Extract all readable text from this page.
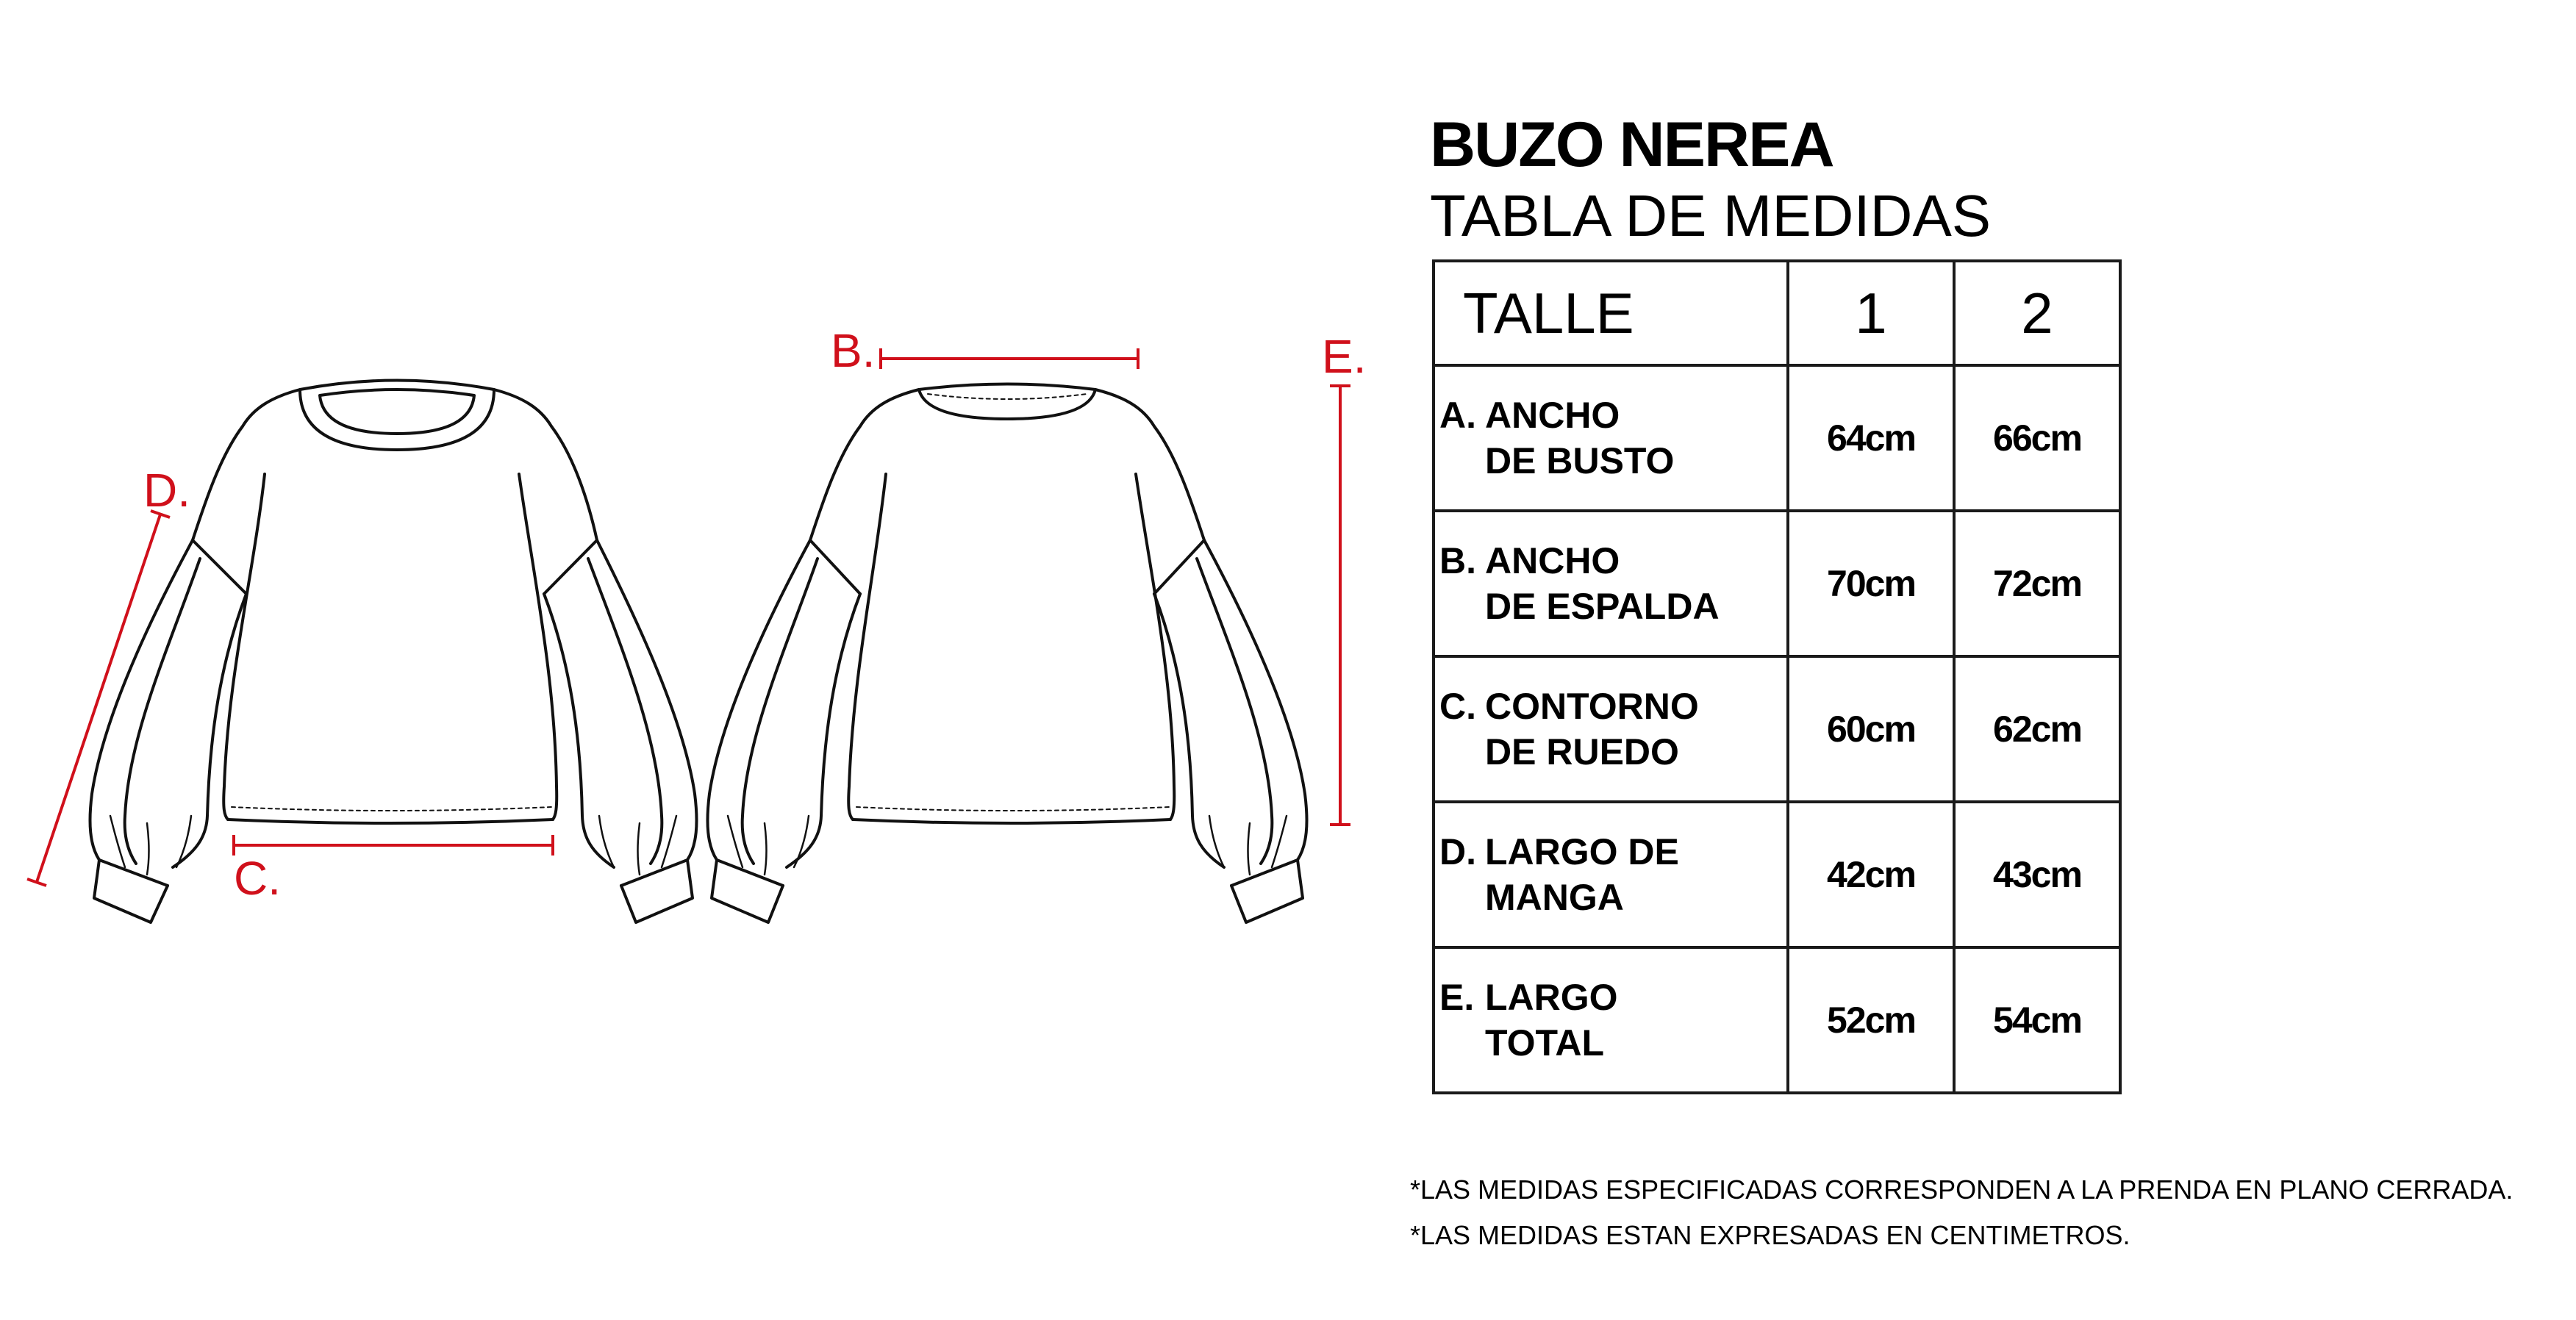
B.	E.
D.
C.
BUZO NEREA
TABLA DE MEDIDAS
TALLE	1	2

A. ANCHO
DE BUSTO	64cm	66cm

B. ANCHO
DE ESPALDA	70cm	72cm

C. CONTORNO
DE RUEDO	60cm	62cm

D. LARGO DE
MANGA	42cm	43cm

E. LARGO
TOTAL	52cm	54cm
*LAS MEDIDAS ESPECIFICADAS CORRESPONDEN A LA PRENDA EN PLANO CERRADA.
*LAS MEDIDAS ESTAN EXPRESADAS EN CENTIMETROS.
